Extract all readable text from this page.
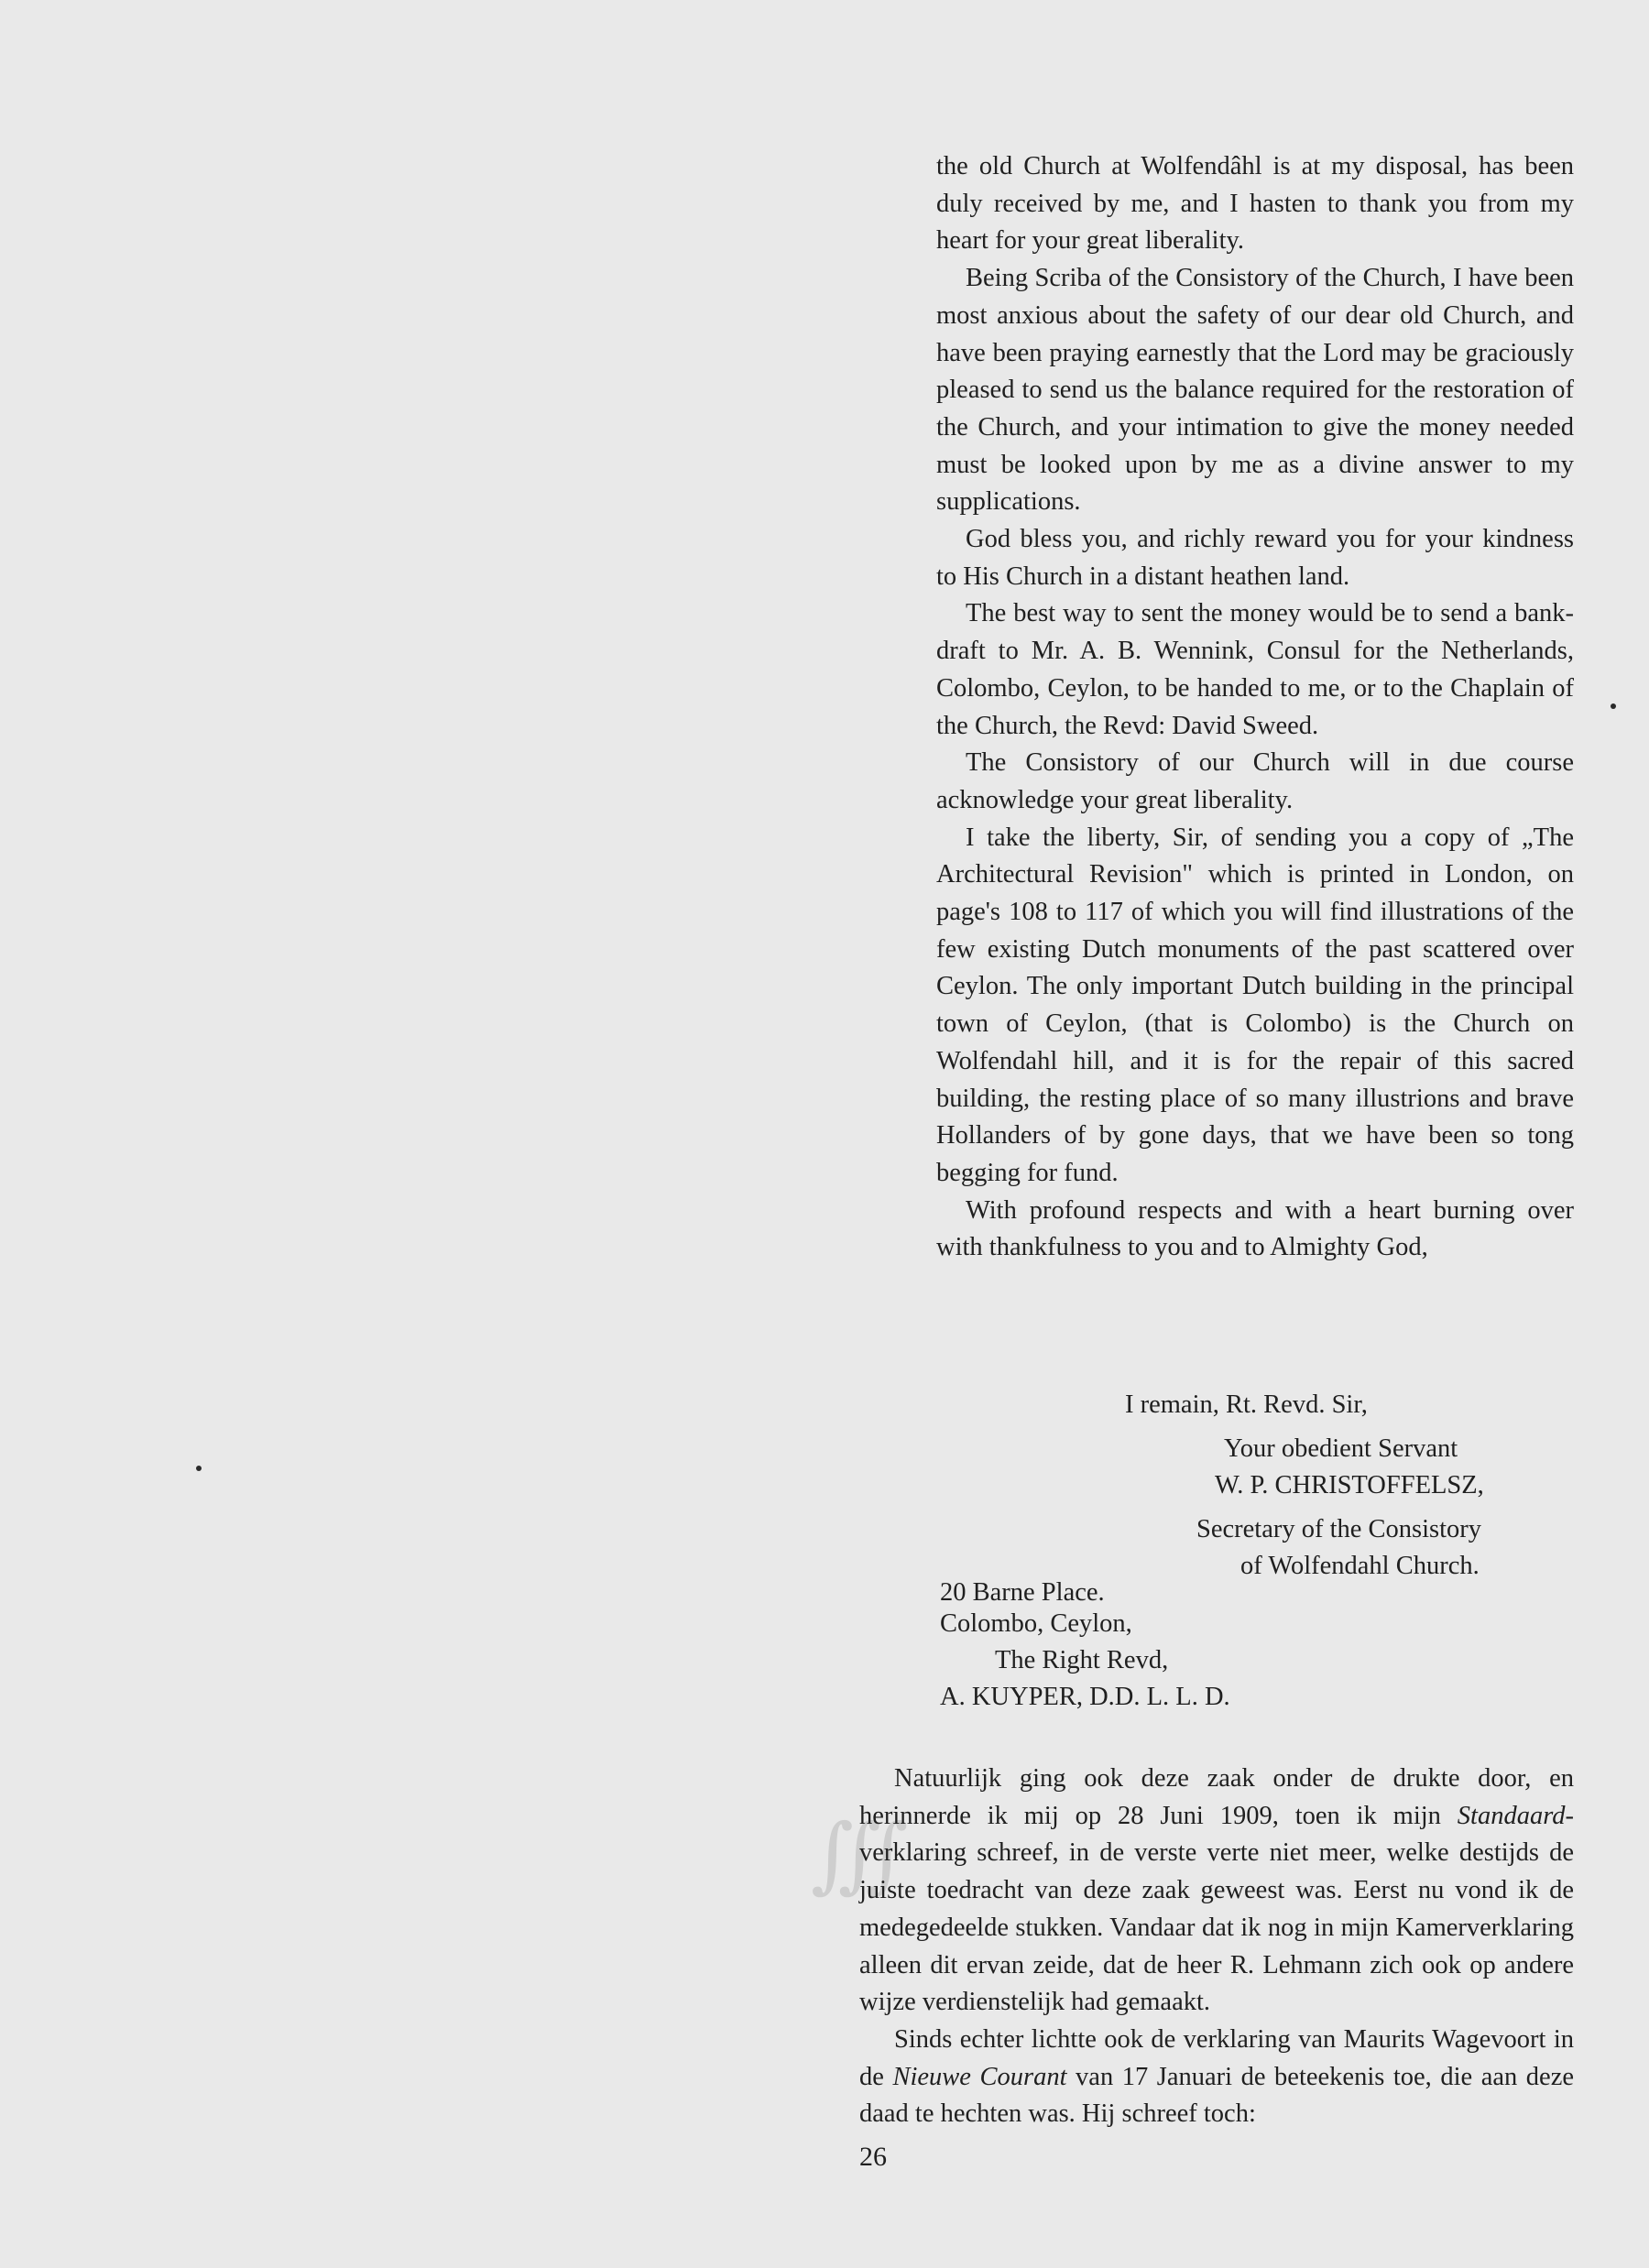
the old Church at Wolfendâhl is at my disposal, has been duly received by me, and I hasten to thank you from my heart for your great liberality.

Being Scriba of the Consistory of the Church, I have been most anxious about the safety of our dear old Church, and have been praying earnestly that the Lord may be graciously pleased to send us the balance required for the restoration of the Church, and your intimation to give the money needed must be looked upon by me as a divine answer to my supplications.

God bless you, and richly reward you for your kindness to His Church in a distant heathen land.

The best way to sent the money would be to send a bank-draft to Mr. A. B. Wennink, Consul for the Netherlands, Colombo, Ceylon, to be handed to me, or to the Chaplain of the Church, the Revd: David Sweed.

The Consistory of our Church will in due course acknowledge your great liberality.

I take the liberty, Sir, of sending you a copy of „The Architectural Revision" which is printed in London, on page's 108 to 117 of which you will find illustrations of the few existing Dutch monuments of the past scattered over Ceylon. The only important Dutch building in the principal town of Ceylon, (that is Colombo) is the Church on Wolfendahl hill, and it is for the repair of this sacred building, the resting place of so many illustrions and brave Hollanders of by gone days, that we have been so tong begging for fund.

With profound respects and with a heart burning over with thankfulness to you and to Almighty God,

I remain, Rt. Revd. Sir,
Your obedient Servant
W. P. CHRISTOFFELSZ,
Secretary of the Consistory
of Wolfendahl Church.
20 Barne Place.
Colombo, Ceylon,
The Right Revd,
A. KUYPER, D.D. L. L. D.
∭

Natuurlijk ging ook deze zaak onder de drukte door, en herinnerde ik mij op 28 Juni 1909, toen ik mijn Standaard-verklaring schreef, in de verste verte niet meer, welke destijds de juiste toedracht van deze zaak geweest was. Eerst nu vond ik de medegedeelde stukken. Vandaar dat ik nog in mijn Kamerverklaring alleen dit ervan zeide, dat de heer R. Lehmann zich ook op andere wijze verdienstelijk had gemaakt.

Sinds echter lichtte ook de verklaring van Maurits Wagevoort in de Nieuwe Courant van 17 Januari de beteekenis toe, die aan deze daad te hechten was. Hij schreef toch:

26
